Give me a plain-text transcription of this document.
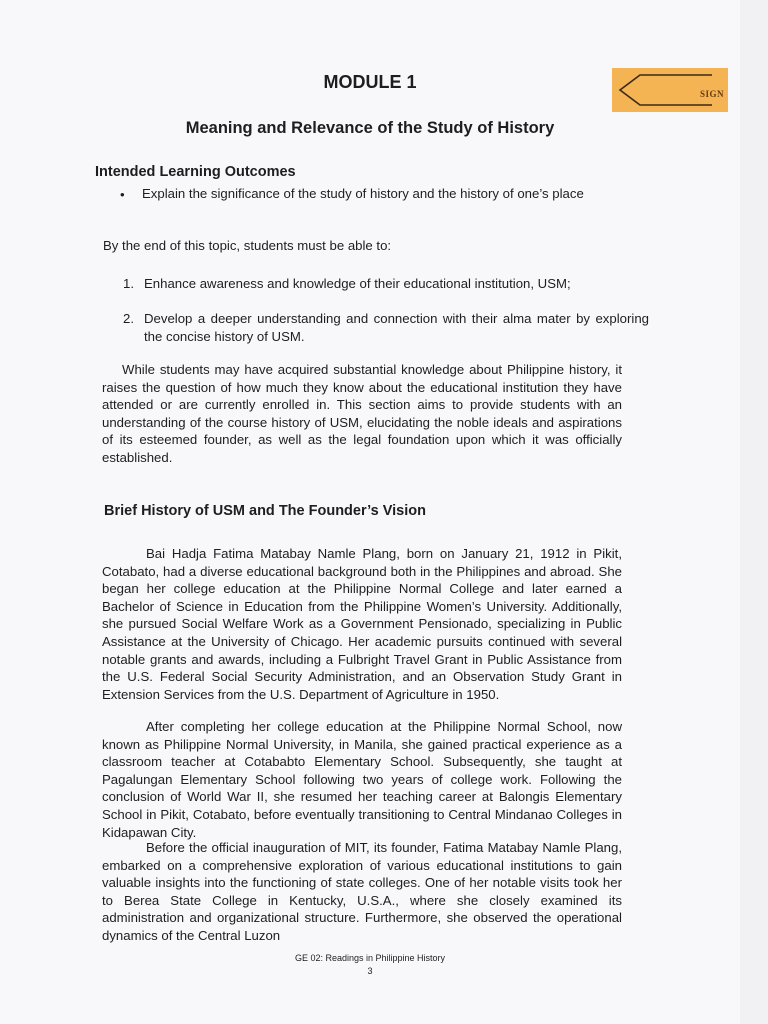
SIGN
MODULE 1
Meaning and Relevance of the Study of History
Intended Learning Outcomes
• Explain the significance of the study of history and the history of one’s place

By the end of this topic, students must be able to:

1. Enhance awareness and knowledge of their educational institution, USM;

2. Develop a deeper understanding and connection with their alma mater by exploring the concise history of USM.

While students may have acquired substantial knowledge about Philippine history, it raises the question of how much they know about the educational institution they have attended or are currently enrolled in. This section aims to provide students with an understanding of the course history of USM, elucidating the noble ideals and aspirations of its esteemed founder, as well as the legal foundation upon which it was officially established.

Brief History of USM and The Founder’s Vision

Bai Hadja Fatima Matabay Namle Plang, born on January 21, 1912 in Pikit, Cotabato, had a diverse educational background both in the Philippines and abroad. She began her college education at the Philippine Normal College and later earned a Bachelor of Science in Education from the Philippine Women’s University. Additionally, she pursued Social Welfare Work as a Government Pensionado, specializing in Public Assistance at the University of Chicago. Her academic pursuits continued with several notable grants and awards, including a Fulbright Travel Grant in Public Assistance from the U.S. Federal Social Security Administration, and an Observation Study Grant in Extension Services from the U.S. Department of Agriculture in 1950.

After completing her college education at the Philippine Normal School, now known as Philippine Normal University, in Manila, she gained practical experience as a classroom teacher at Cotababto Elementary School. Subsequently, she taught at Pagalungan Elementary School following two years of college work. Following the conclusion of World War II, she resumed her teaching career at Balongis Elementary School in Pikit, Cotabato, before eventually transitioning to Central Mindanao Colleges in Kidapawan City.

Before the official inauguration of MIT, its founder, Fatima Matabay Namle Plang, embarked on a comprehensive exploration of various educational institutions to gain valuable insights into the functioning of state colleges. One of her notable visits took her to Berea State College in Kentucky, U.S.A., where she closely examined its administration and organizational structure. Furthermore, she observed the operational dynamics of the Central Luzon

GE 02: Readings in Philippine History

3
